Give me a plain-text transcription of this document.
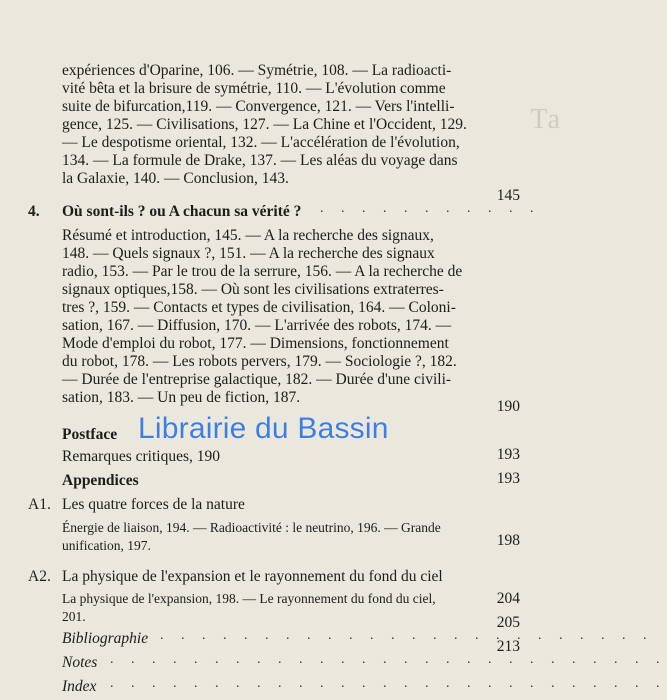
Ta
expériences d'Oparine, 106. — Symétrie, 108. — La radioacti-
vité bêta et la brisure de symétrie, 110. — L'évolution comme
suite de bifurcation,119. — Convergence, 121. — Vers l'intelli-
gence, 125. — Civilisations, 127. — La Chine et l'Occident, 129.
— Le despotisme oriental, 132. — L'accélération de l'évolution,
134. — La formule de Drake, 137. — Les aléas du voyage dans
la Galaxie, 140. — Conclusion, 143.
4. Où sont-ils ? ou A chacun sa vérité ? . . . . . . . . . . .
145
Résumé et introduction, 145. — A la recherche des signaux,
148. — Quels signaux ?, 151. — A la recherche des signaux
radio, 153. — Par le trou de la serrure, 156. — A la recherche de
signaux optiques,158. — Où sont les civilisations extraterres-
tres ?, 159. — Contacts et types de civilisation, 164. — Coloni-
sation, 167. — Diffusion, 170. — L'arrivée des robots, 174. —
Mode d'emploi du robot, 177. — Dimensions, fonctionnement
du robot, 178. — Les robots pervers, 179. — Sociologie ?, 182.
— Durée de l'entreprise galactique, 182. — Durée d'une civili-
sation, 183. — Un peu de fiction, 187.
Postface
190
Remarques critiques, 190
Appendices
193
A1. Les quatre forces de la nature
193
Énergie de liaison, 194. — Radioactivité : le neutrino, 196. — Grande
unification, 197.
A2. La physique de l'expansion et le rayonnement du fond du ciel
198
La physique de l'expansion, 198. — Le rayonnement du fond du ciel,
201.
Bibliographie . . . . . . . . . . . . . . . . . . . . . . . .
204
Notes . . . . . . . . . . . . . . . . . . . . . . . . . . .
205
Index . . . . . . . . . . . . . . . . . . . . . . . . . . .
213
Librairie du Bassin
